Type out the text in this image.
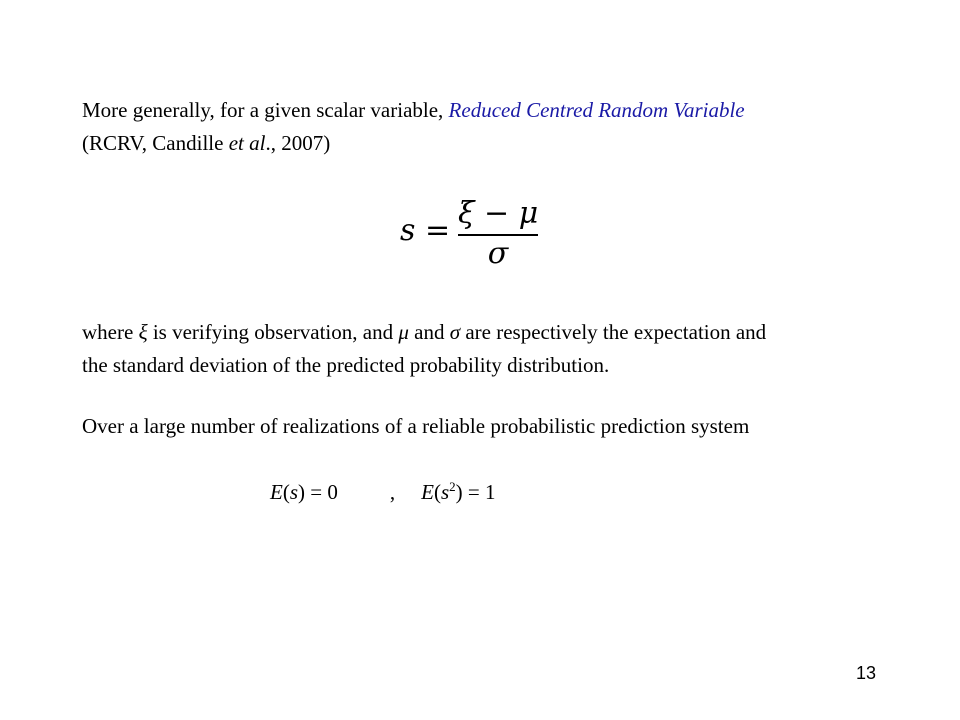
More generally, for a given scalar variable, Reduced Centred Random Variable
(RCRV, Candille et al., 2007)
s = ξ − μ
σ
where ξ is verifying observation, and μ and σ are respectively the expectation and
the standard deviation of the predicted probability distribution.
Over a large number of realizations of a reliable probabilistic prediction system
E(s) = 0 , $E(s^2) = 1$
13
